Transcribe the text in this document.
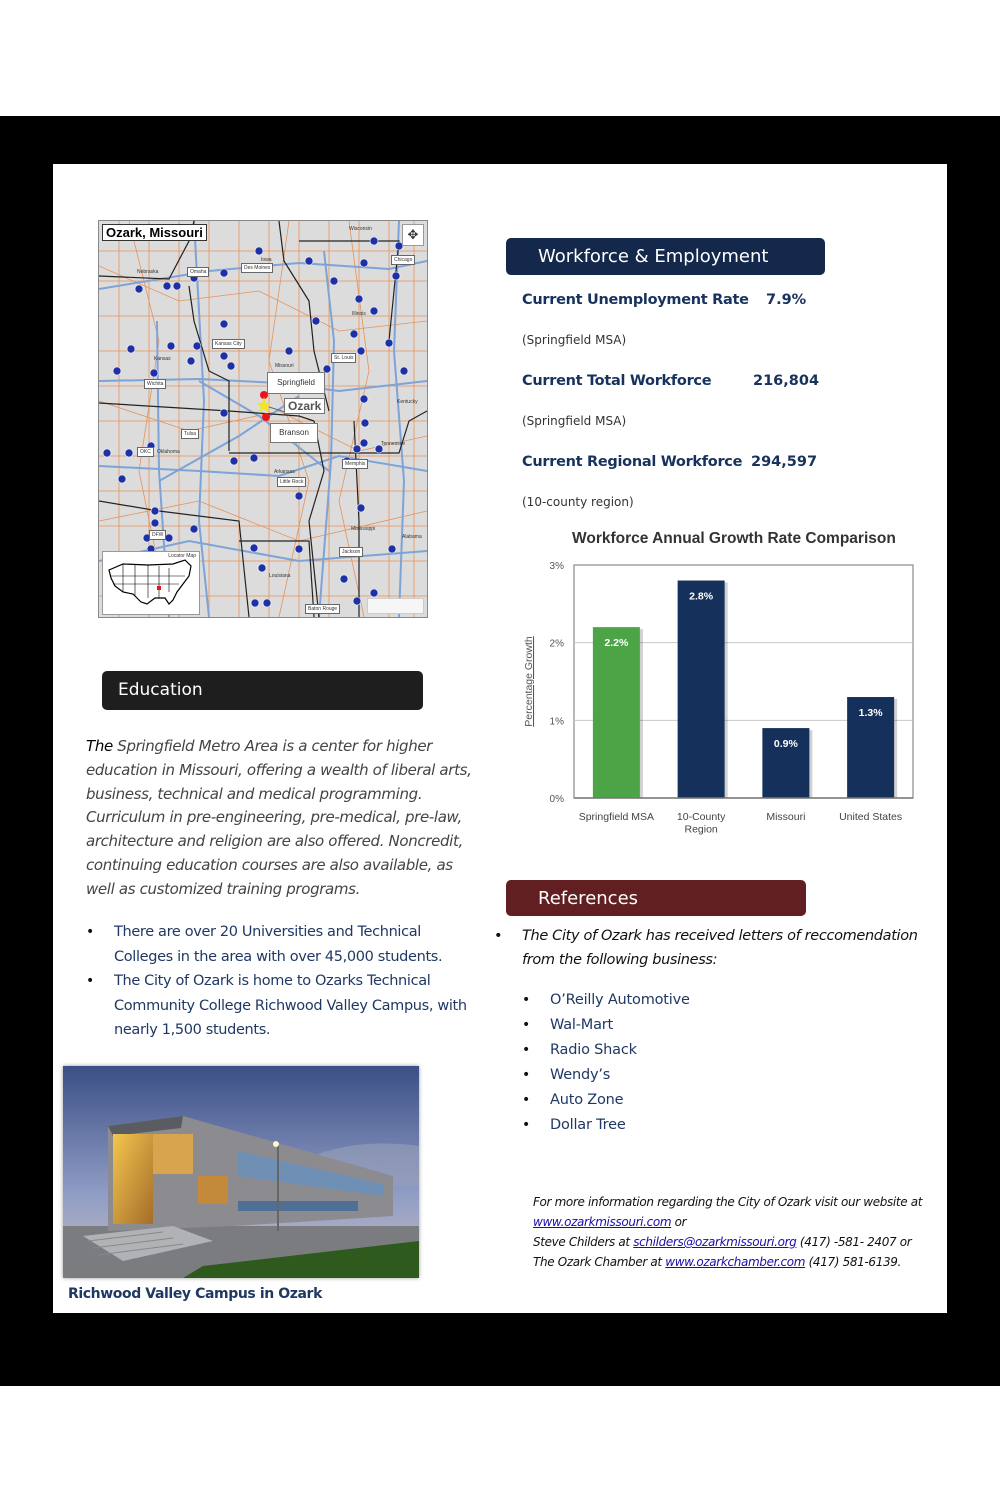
Ozark, Missouri	✥
Omaha
Des Moines
Chicago
Kansas City
St. Louis
Wichita
Tulsa
OKC
Memphis
Little Rock
DFW
Jackson
Baton Rouge
Nebraska
Iowa
Wisconsin
Illinois
Kansas
Missouri
Kentucky
Oklahoma
Tennessee
Arkansas
Mississippi
Alabama
Louisiana
Springfield
Ozark
Branson
Locator Map
Workforce & Employment
Current Unemployment Rate 7.9%
(Springfield MSA)
Current Total Workforce	216,804
(Springfield MSA)
Current Regional Workforce 294,597
(10-county region)
Workforce Annual Growth Rate Comparison
0%
1%
2%
3%
Percentage Growth	2.2%
Springfield MSA
2.8%
10-County
Region
0.9%
Missouri
1.3%
United States
Education
The Springfield Metro Area is a center for higher education in Missouri, offering a wealth of liberal arts, business, technical and medical programming. Curriculum in pre-engineering, pre-medical, pre-law, architecture and religion are also offered. Noncredit, continuing education courses are also available, as well as customized training programs.
• There are over 20 Universities and Technical Colleges in the area with over 45,000 students.
• The City of Ozark is home to Ozarks Technical Community College Richwood Valley Campus, with nearly 1,500 students.
Richwood Valley Campus in Ozark
References
•	The City of Ozark has received letters of reccomendation from the following business:
• O’Reilly Automotive
• Wal-Mart
• Radio Shack
• Wendy’s
• Auto Zone
• Dollar Tree
For more information regarding the City of Ozark visit our website at
www.ozarkmissouri.com or
Steve Childers at schilders@ozarkmissouri.org (417) -581- 2407 or
The Ozark Chamber at www.ozarkchamber.com (417) 581-6139.
